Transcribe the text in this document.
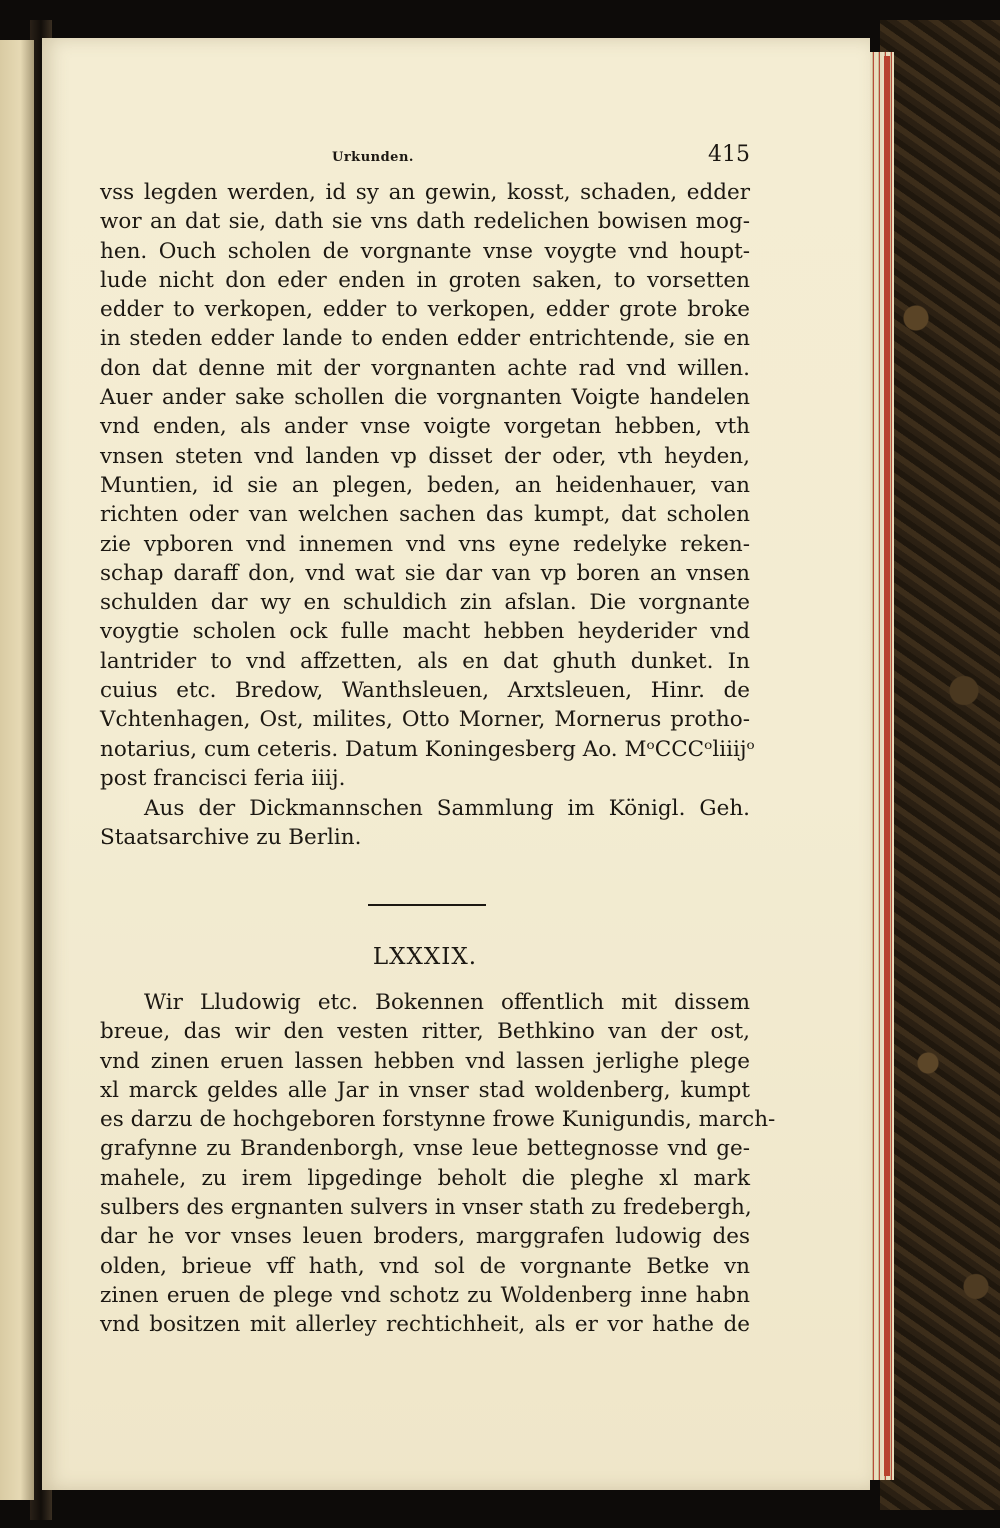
Urkunden.	415
vss legden werden, id sy an gewin, kosst, schaden, edder
wor an dat sie, dath sie vns dath redelichen bowisen mog-
hen. Ouch scholen de vorgnante vnse voygte vnd houpt-
lude nicht don eder enden in groten saken, to vorsetten
edder to verkopen, edder to verkopen, edder grote broke
in steden edder lande to enden edder entrichtende, sie en
don dat denne mit der vorgnanten achte rad vnd willen.
Auer ander sake schollen die vorgnanten Voigte handelen
vnd enden, als ander vnse voigte vorgetan hebben, vth
vnsen steten vnd landen vp disset der oder, vth heyden,
Muntien, id sie an plegen, beden, an heidenhauer, van
richten oder van welchen sachen das kumpt, dat scholen
zie vpboren vnd innemen vnd vns eyne redelyke reken-
schap daraff don, vnd wat sie dar van vp boren an vnsen
schulden dar wy en schuldich zin afslan. Die vorgnante
voygtie scholen ock fulle macht hebben heyderider vnd
lantrider to vnd affzetten, als en dat ghuth dunket. In
cuius etc. Bredow, Wanthsleuen, Arxtsleuen, Hinr. de
Vchtenhagen, Ost, milites, Otto Morner, Mornerus protho-
notarius, cum ceteris. Datum Koningesberg Ao. MᵒCCCᵒliiijᵒ
post francisci feria iiij.
Aus der Dickmannschen Sammlung im Königl. Geh.
Staatsarchive zu Berlin.
LXXXIX.
Wir Lludowig etc. Bokennen offentlich mit dissem
breue, das wir den vesten ritter, Bethkino van der ost,
vnd zinen eruen lassen hebben vnd lassen jerlighe plege
xl marck geldes alle Jar in vnser stad woldenberg, kumpt
es darzu de hochgeboren forstynne frowe Kunigundis, march-
grafynne zu Brandenborgh, vnse leue bettegnosse vnd ge-
mahele, zu irem lipgedinge beholt die pleghe xl mark
sulbers des ergnanten sulvers in vnser stath zu fredebergh,
dar he vor vnses leuen broders, marggrafen ludowig des
olden, brieue vff hath, vnd sol de vorgnante Betke vn
zinen eruen de plege vnd schotz zu Woldenberg inne habn
vnd bositzen mit allerley rechtichheit, als er vor hathe de
